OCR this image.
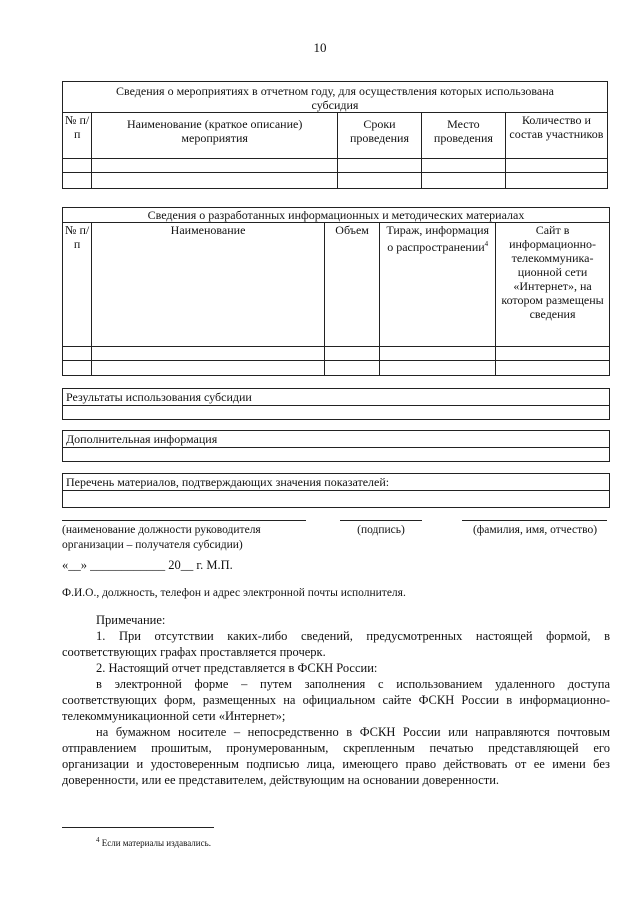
10
Сведения о мероприятиях в отчетном году, для осуществления которых использована субсидия				
№ п/п	Наименование (краткое описание) мероприятия	Сроки проведения	Место проведения	Количество и состав участников

Сведения о разработанных информационных и методических материалах				
№ п/п	Наименование	Объем	Тираж, информация о распространении$^4$	Сайт в информационно-телекоммуника-ционной сети «Интернет», на котором размещены сведения

Результаты использования субсидии
Дополнительная информация
Перечень материалов, подтверждающих значения показателей:
(наименование должности руководителя организации – получателя субсидии)
(подпись)	(фамилия, имя, отчество)
«__» ____________ 20__ г. М.П.
Ф.И.О., должность, телефон и адрес электронной почты исполнителя.
Примечание:
1. При отсутствии каких-либо сведений, предусмотренных настоящей формой, в соответствующих графах проставляется прочерк.
2. Настоящий отчет представляется в ФСКН России:
в электронной форме – путем заполнения с использованием удаленного доступа соответствующих форм, размещенных на официальном сайте ФСКН России в информационно-телекоммуникационной сети «Интернет»;
на бумажном носителе – непосредственно в ФСКН России или направляются почтовым отправлением прошитым, пронумерованным, скрепленным печатью представляющей его организации и удостоверенным подписью лица, имеющего право действовать от ее имени без доверенности, или ее представителем, действующим на основании доверенности.
$^4$ Если материалы издавались.
